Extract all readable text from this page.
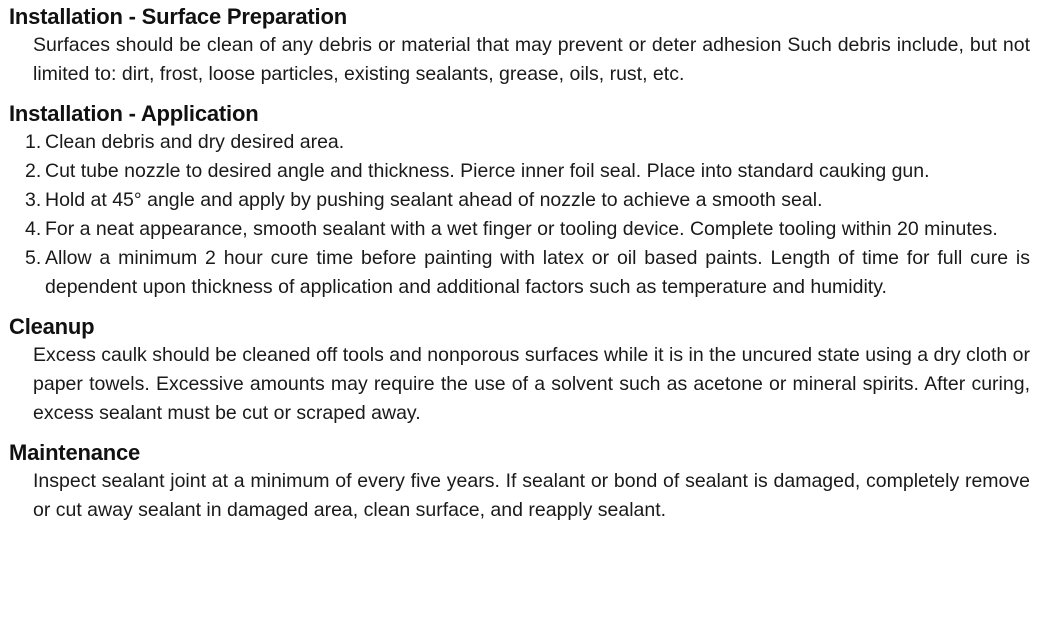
Installation - Surface Preparation

Surfaces should be clean of any debris or material that may prevent or deter adhesion Such debris include, but not limited to: dirt, frost, loose particles, existing sealants, grease, oils, rust, etc.

Installation - Application
1. Clean debris and dry desired area.
2. Cut tube nozzle to desired angle and thickness. Pierce inner foil seal. Place into standard cauking gun.
3. Hold at 45° angle and apply by pushing sealant ahead of nozzle to achieve a smooth seal.
4. For a neat appearance, smooth sealant with a wet finger or tooling device. Complete tooling within 20 minutes.
5. Allow a minimum 2 hour cure time before painting with latex or oil based paints. Length of time for full cure is dependent upon thickness of application and additional factors such as temperature and humidity.
Cleanup

Excess caulk should be cleaned off tools and nonporous surfaces while it is in the uncured state using a dry cloth or paper towels. Excessive amounts may require the use of a solvent such as acetone or mineral spirits. After curing, excess sealant must be cut or scraped away.

Maintenance

Inspect sealant joint at a minimum of every five years. If sealant or bond of sealant is damaged, completely remove or cut away sealant in damaged area, clean surface, and reapply sealant.
